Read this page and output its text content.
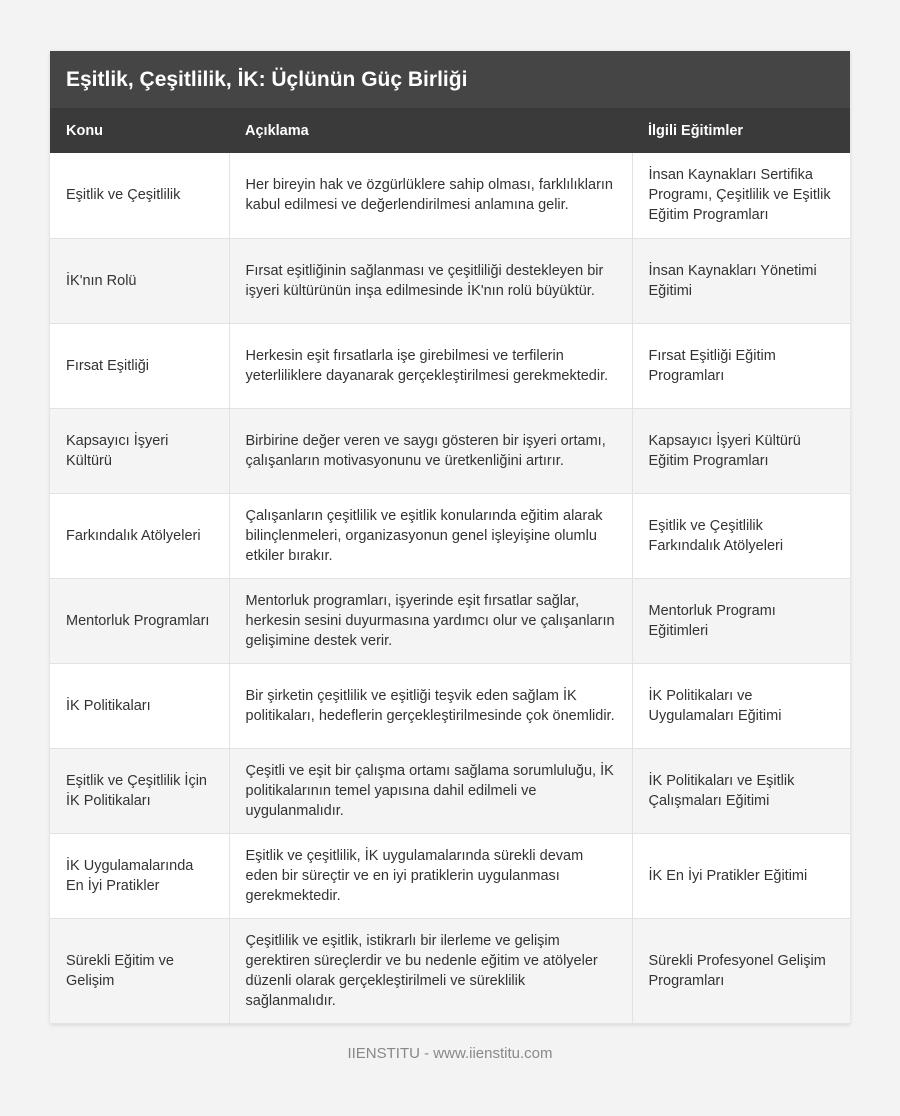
Eşitlik, Çeşitlilik, İK: Üçlünün Güç Birliği
Konu	Açıklama	İlgili Eğitimler
Eşitlik ve Çeşitlilik	Her bireyin hak ve özgürlüklere sahip olması, farklılıkların kabul edilmesi ve değerlendirilmesi anlamına gelir.	İnsan Kaynakları Sertifika Programı, Çeşitlilik ve Eşitlik Eğitim Programları
İK'nın Rolü	Fırsat eşitliğinin sağlanması ve çeşitliliği destekleyen bir işyeri kültürünün inşa edilmesinde İK'nın rolü büyüktür.	İnsan Kaynakları Yönetimi Eğitimi
Fırsat Eşitliği	Herkesin eşit fırsatlarla işe girebilmesi ve terfilerin yeterliliklere dayanarak gerçekleştirilmesi gerekmektedir.	Fırsat Eşitliği Eğitim Programları
Kapsayıcı İşyeri Kültürü	Birbirine değer veren ve saygı gösteren bir işyeri ortamı, çalışanların motivasyonunu ve üretkenliğini artırır.	Kapsayıcı İşyeri Kültürü Eğitim Programları
Farkındalık Atölyeleri	Çalışanların çeşitlilik ve eşitlik konularında eğitim alarak bilinçlenmeleri, organizasyonun genel işleyişine olumlu etkiler bırakır.	Eşitlik ve Çeşitlilik Farkındalık Atölyeleri
Mentorluk Programları	Mentorluk programları, işyerinde eşit fırsatlar sağlar, herkesin sesini duyurmasına yardımcı olur ve çalışanların gelişimine destek verir.	Mentorluk Programı Eğitimleri
İK Politikaları	Bir şirketin çeşitlilik ve eşitliği teşvik eden sağlam İK politikaları, hedeflerin gerçekleştirilmesinde çok önemlidir.	İK Politikaları ve Uygulamaları Eğitimi
Eşitlik ve Çeşitlilik İçin İK Politikaları	Çeşitli ve eşit bir çalışma ortamı sağlama sorumluluğu, İK politikalarının temel yapısına dahil edilmeli ve uygulanmalıdır.	İK Politikaları ve Eşitlik Çalışmaları Eğitimi
İK Uygulamalarında En İyi Pratikler	Eşitlik ve çeşitlilik, İK uygulamalarında sürekli devam eden bir süreçtir ve en iyi pratiklerin uygulanması gerekmektedir.	İK En İyi Pratikler Eğitimi
Sürekli Eğitim ve Gelişim	Çeşitlilik ve eşitlik, istikrarlı bir ilerleme ve gelişim gerektiren süreçlerdir ve bu nedenle eğitim ve atölyeler düzenli olarak gerçekleştirilmeli ve süreklilik sağlanmalıdır.	Sürekli Profesyonel Gelişim Programları
IIENSTITU - www.iienstitu.com
